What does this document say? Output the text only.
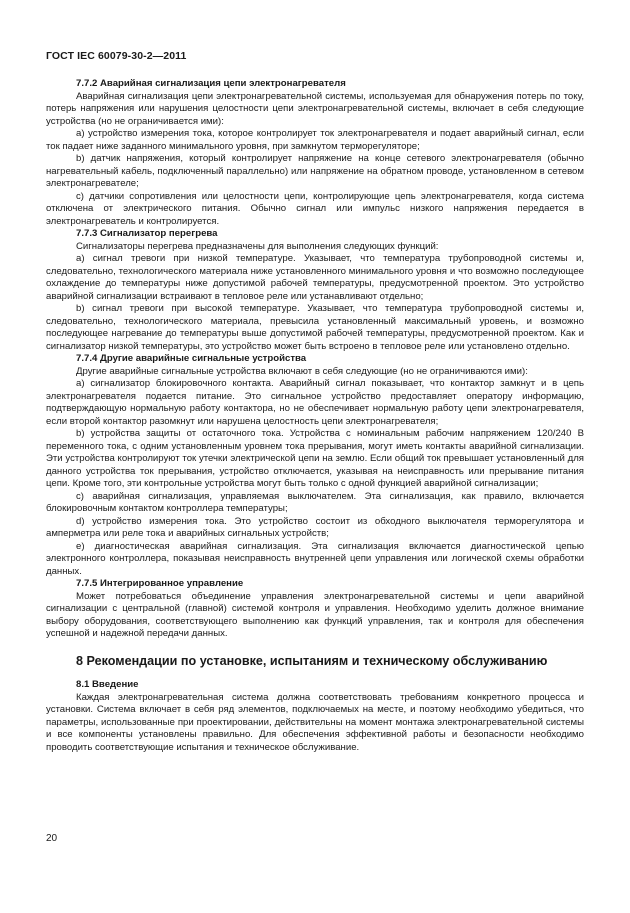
ГОСТ IEC 60079-30-2—2011

7.7.2 Аварийная сигнализация цепи электронагревателя

Аварийная сигнализация цепи электронагревательной системы, используемая для обнаружения потерь по току, потерь напряжения или нарушения целостности цепи электронагревательной системы, включает в себя следующие устройства (но не ограничивается ими):

a) устройство измерения тока, которое контролирует ток электронагревателя и подает аварийный сигнал, если ток падает ниже заданного минимального уровня, при замкнутом терморегуляторе;

b) датчик напряжения, который контролирует напряжение на конце сетевого электронагревателя (обычно нагревательный кабель, подключенный параллельно) или напряжение на обратном проводе, установленном в сетевом электронагревателе;

c) датчики сопротивления или целостности цепи, контролирующие цепь электронагревателя, когда система отключена от электрического питания. Обычно сигнал или импульс низкого напряжения передается в электронагреватель и контролируется.

7.7.3 Сигнализатор перегрева

Сигнализаторы перегрева предназначены для выполнения следующих функций:

a) сигнал тревоги при низкой температуре. Указывает, что температура трубопроводной системы и, следовательно, технологического материала ниже установленного минимального уровня и что возможно последующее охлаждение до температуры ниже допустимой рабочей температуры, предусмотренной проектом. Это устройство аварийной сигнализации встраивают в тепловое реле или устанавливают отдельно;

b) сигнал тревоги при высокой температуре. Указывает, что температура трубопроводной системы и, следовательно, технологического материала, превысила установленный максимальный уровень, и возможно последующее нагревание до температуры выше допустимой рабочей температуры, предусмотренной проектом. Как и сигнализатор низкой температуры, это устройство может быть встроено в тепловое реле или установлено отдельно.

7.7.4 Другие аварийные сигнальные устройства

Другие аварийные сигнальные устройства включают в себя следующие (но не ограничиваются ими):

a) сигнализатор блокировочного контакта. Аварийный сигнал показывает, что контактор замкнут и в цепь электронагревателя подается питание. Это сигнальное устройство предоставляет оператору информацию, подтверждающую нормальную работу контактора, но не обеспечивает нормальную работу цепи электронагревателя, если второй контактор разомкнут или нарушена целостность цепи электронагревателя;

b) устройства защиты от остаточного тока. Устройства с номинальным рабочим напряжением 120/240 В переменного тока, с одним установленным уровнем тока прерывания, могут иметь контакты аварийной сигнализации. Эти устройства контролируют ток утечки электрической цепи на землю. Если общий ток превышает установленный для данного устройства ток прерывания, устройство отключается, указывая на неисправность или прерывание питания цепи. Кроме того, эти контрольные устройства могут быть только с одной функцией аварийной сигнализации;

c) аварийная сигнализация, управляемая выключателем. Эта сигнализация, как правило, включается блокировочным контактом контроллера температуры;

d) устройство измерения тока. Это устройство состоит из обходного выключателя терморегулятора и амперметра или реле тока и аварийных сигнальных устройств;

e) диагностическая аварийная сигнализация. Эта сигнализация включается диагностической цепью электронного контроллера, показывая неисправность внутренней цепи управления или логической схемы обработки данных.

7.7.5 Интегрированное управление

Может потребоваться объединение управления электронагревательной системы и цепи аварийной сигнализации с центральной (главной) системой контроля и управления. Необходимо уделить должное внимание выбору оборудования, соответствующего выполнению как функций управления, так и контроля для обеспечения успешной и надежной передачи данных.

8 Рекомендации по установке, испытаниям и техническому обслуживанию

8.1 Введение

Каждая электронагревательная система должна соответствовать требованиям конкретного процесса и установки. Система включает в себя ряд элементов, подключаемых на месте, и поэтому необходимо убедиться, что параметры, использованные при проектировании, действительны на момент монтажа электронагревательной системы и все компоненты установлены правильно. Для обеспечения эффективной работы и безопасности необходимо проводить соответствующие испытания и техническое обслуживание.

20
